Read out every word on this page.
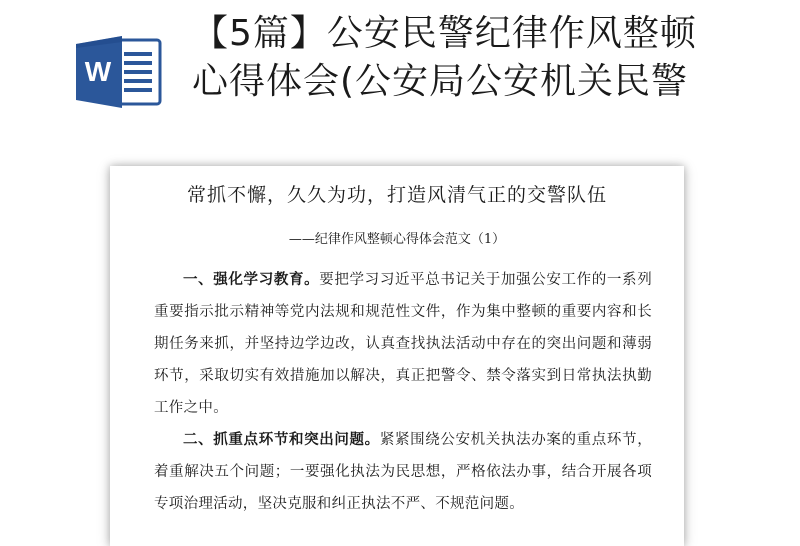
【5篇】公安民警纪律作风整顿
心得体会(公安局公安机关民警
W
常抓不懈，久久为功，打造风清气正的交警队伍
——纪律作风整顿心得体会范文（1）
一、强化学习教育。要把学习习近平总书记关于加强公安工作的一系列重要指示批示精神等党内法规和规范性文件，作为集中整顿的重要内容和长期任务来抓，并坚持边学边改，认真查找执法活动中存在的突出问题和薄弱环节，采取切实有效措施加以解决，真正把警令、禁令落实到日常执法执勤工作之中。
二、抓重点环节和突出问题。紧紧围绕公安机关执法办案的重点环节，着重解决五个问题；一要强化执法为民思想，严格依法办事，结合开展各项专项治理活动，坚决克服和纠正执法不严、不规范问题。
